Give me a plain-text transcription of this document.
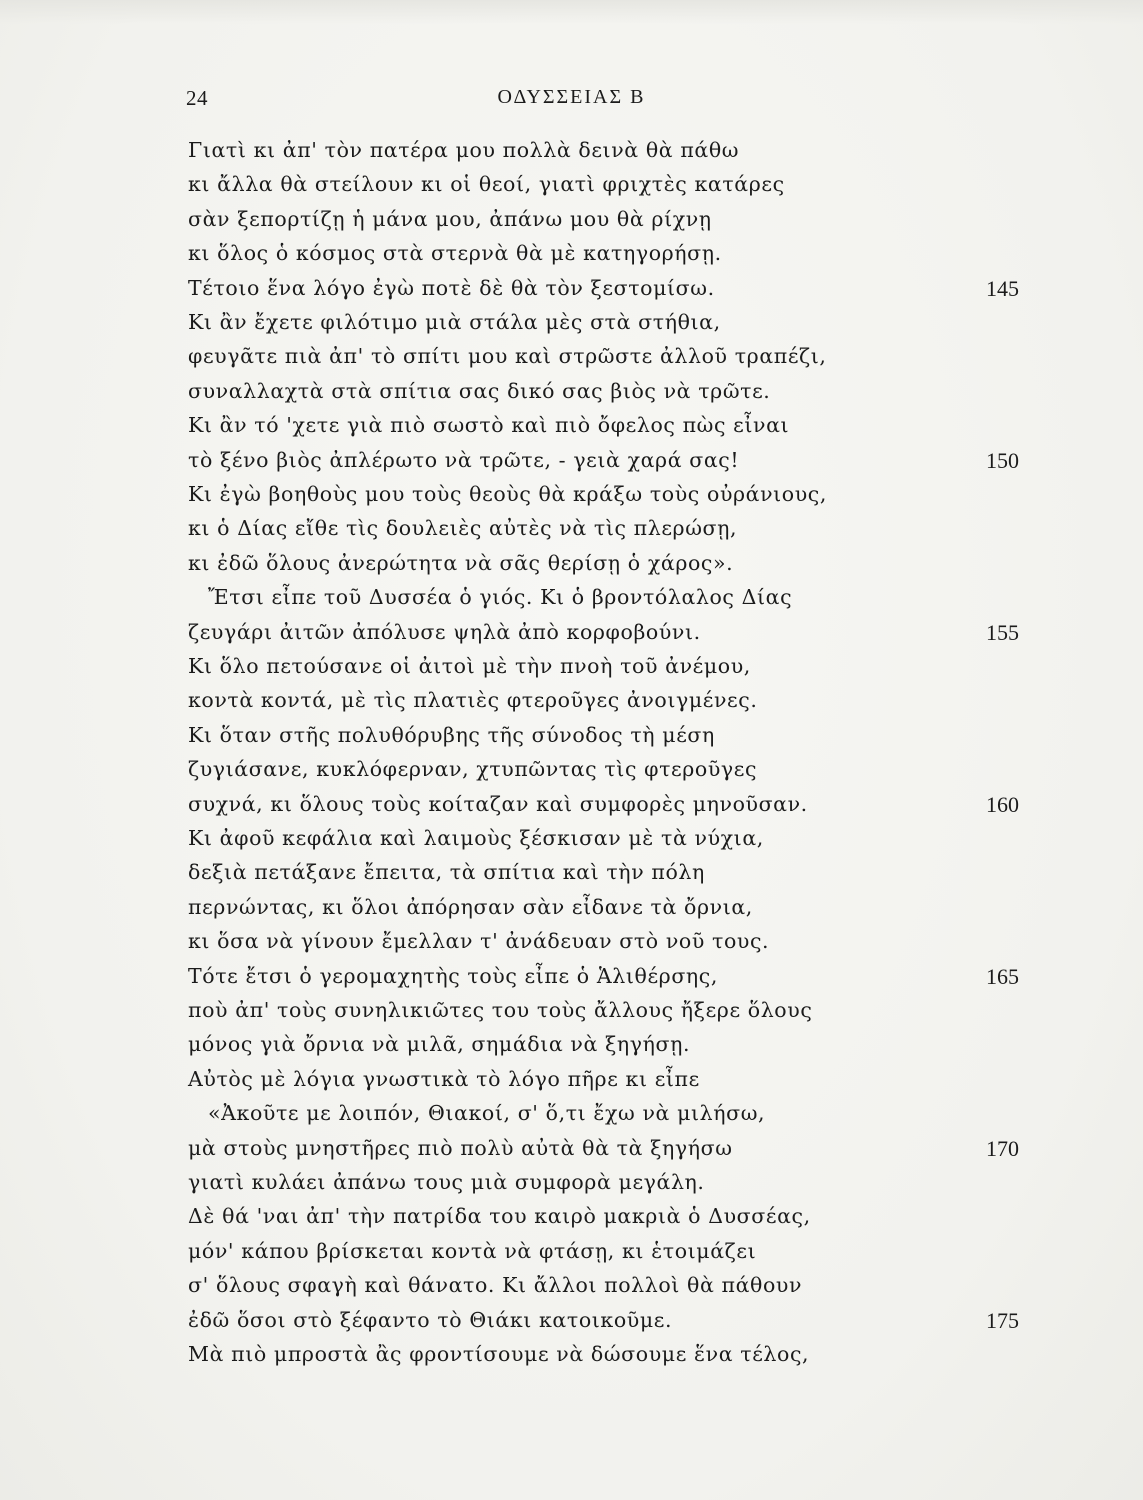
24	ΟΔΥΣΣΕΙΑΣ Β
Γιατὶ κι ἀπ' τὸν πατέρα μου πολλὰ δεινὰ θὰ πάθω
κι ἄλλα θὰ στείλουν κι οἱ θεοί, γιατὶ φριχτὲς κατάρες
σὰν ξεπορτίζῃ ἡ μάνα μου, ἀπάνω μου θὰ ρίχνῃ
κι ὅλος ὁ κόσμος στὰ στερνὰ θὰ μὲ κατηγορήσῃ.
Τέτοιο ἕνα λόγο ἐγὼ ποτὲ δὲ θὰ τὸν ξεστομίσω.	145
Κι ἂν ἔχετε φιλότιμο μιὰ στάλα μὲς στὰ στήθια,
φευγᾶτε πιὰ ἀπ' τὸ σπίτι μου καὶ στρῶστε ἀλλοῦ τραπέζι,
συναλλαχτὰ στὰ σπίτια σας δικό σας βιὸς νὰ τρῶτε.
Κι ἂν τό 'χετε γιὰ πιὸ σωστὸ καὶ πιὸ ὄφελος πὼς εἶναι
τὸ ξένο βιὸς ἀπλέρωτο νὰ τρῶτε, - γειὰ χαρά σας!	150
Κι ἐγὼ βοηθοὺς μου τοὺς θεοὺς θὰ κράξω τοὺς οὐράνιους,
κι ὁ Δίας εἴθε τὶς δουλειὲς αὐτὲς νὰ τὶς πλερώσῃ,
κι ἐδῶ ὅλους ἀνερώτητα νὰ σᾶς θερίσῃ ὁ χάρος».
Ἔτσι εἶπε τοῦ Δυσσέα ὁ γιός. Κι ὁ βροντόλαλος Δίας
ζευγάρι ἀιτῶν ἀπόλυσε ψηλὰ ἀπὸ κορφοβούνι.	155
Κι ὅλο πετούσανε οἱ ἀιτοὶ μὲ τὴν πνοὴ τοῦ ἀνέμου,
κοντὰ κοντά, μὲ τὶς πλατιὲς φτεροῦγες ἀνοιγμένες.
Κι ὅταν στῆς πολυθόρυβης τῆς σύνοδος τὴ μέση
ζυγιάσανε, κυκλόφερναν, χτυπῶντας τὶς φτεροῦγες
συχνά, κι ὅλους τοὺς κοίταζαν καὶ συμφορὲς μηνοῦσαν.	160
Κι ἀφοῦ κεφάλια καὶ λαιμοὺς ξέσκισαν μὲ τὰ νύχια,
δεξιὰ πετάξανε ἔπειτα, τὰ σπίτια καὶ τὴν πόλη
περνώντας, κι ὅλοι ἀπόρησαν σὰν εἶδανε τὰ ὄρνια,
κι ὅσα νὰ γίνουν ἔμελλαν τ' ἀνάδευαν στὸ νοῦ τους.
Τότε ἔτσι ὁ γερομαχητὴς τοὺς εἶπε ὁ Ἁλιθέρσης,	165
ποὺ ἀπ' τοὺς συνηλικιῶτες του τοὺς ἄλλους ἤξερε ὅλους
μόνος γιὰ ὄρνια νὰ μιλᾶ, σημάδια νὰ ξηγήσῃ.
Αὐτὸς μὲ λόγια γνωστικὰ τὸ λόγο πῆρε κι εἶπε
«Ἀκοῦτε με λοιπόν, Θιακοί, σ' ὅ,τι ἔχω νὰ μιλήσω,
μὰ στοὺς μνηστῆρες πιὸ πολὺ αὐτὰ θὰ τὰ ξηγήσω	170
γιατὶ κυλάει ἀπάνω τους μιὰ συμφορὰ μεγάλη.
Δὲ θά 'ναι ἀπ' τὴν πατρίδα του καιρὸ μακριὰ ὁ Δυσσέας,
μόν' κάπου βρίσκεται κοντὰ νὰ φτάσῃ, κι ἑτοιμάζει
σ' ὅλους σφαγὴ καὶ θάνατο. Κι ἄλλοι πολλοὶ θὰ πάθουν
ἐδῶ ὅσοι στὸ ξέφαντο τὸ Θιάκι κατοικοῦμε.	175
Μὰ πιὸ μπροστὰ ἂς φροντίσουμε νὰ δώσουμε ἕνα τέλος,
